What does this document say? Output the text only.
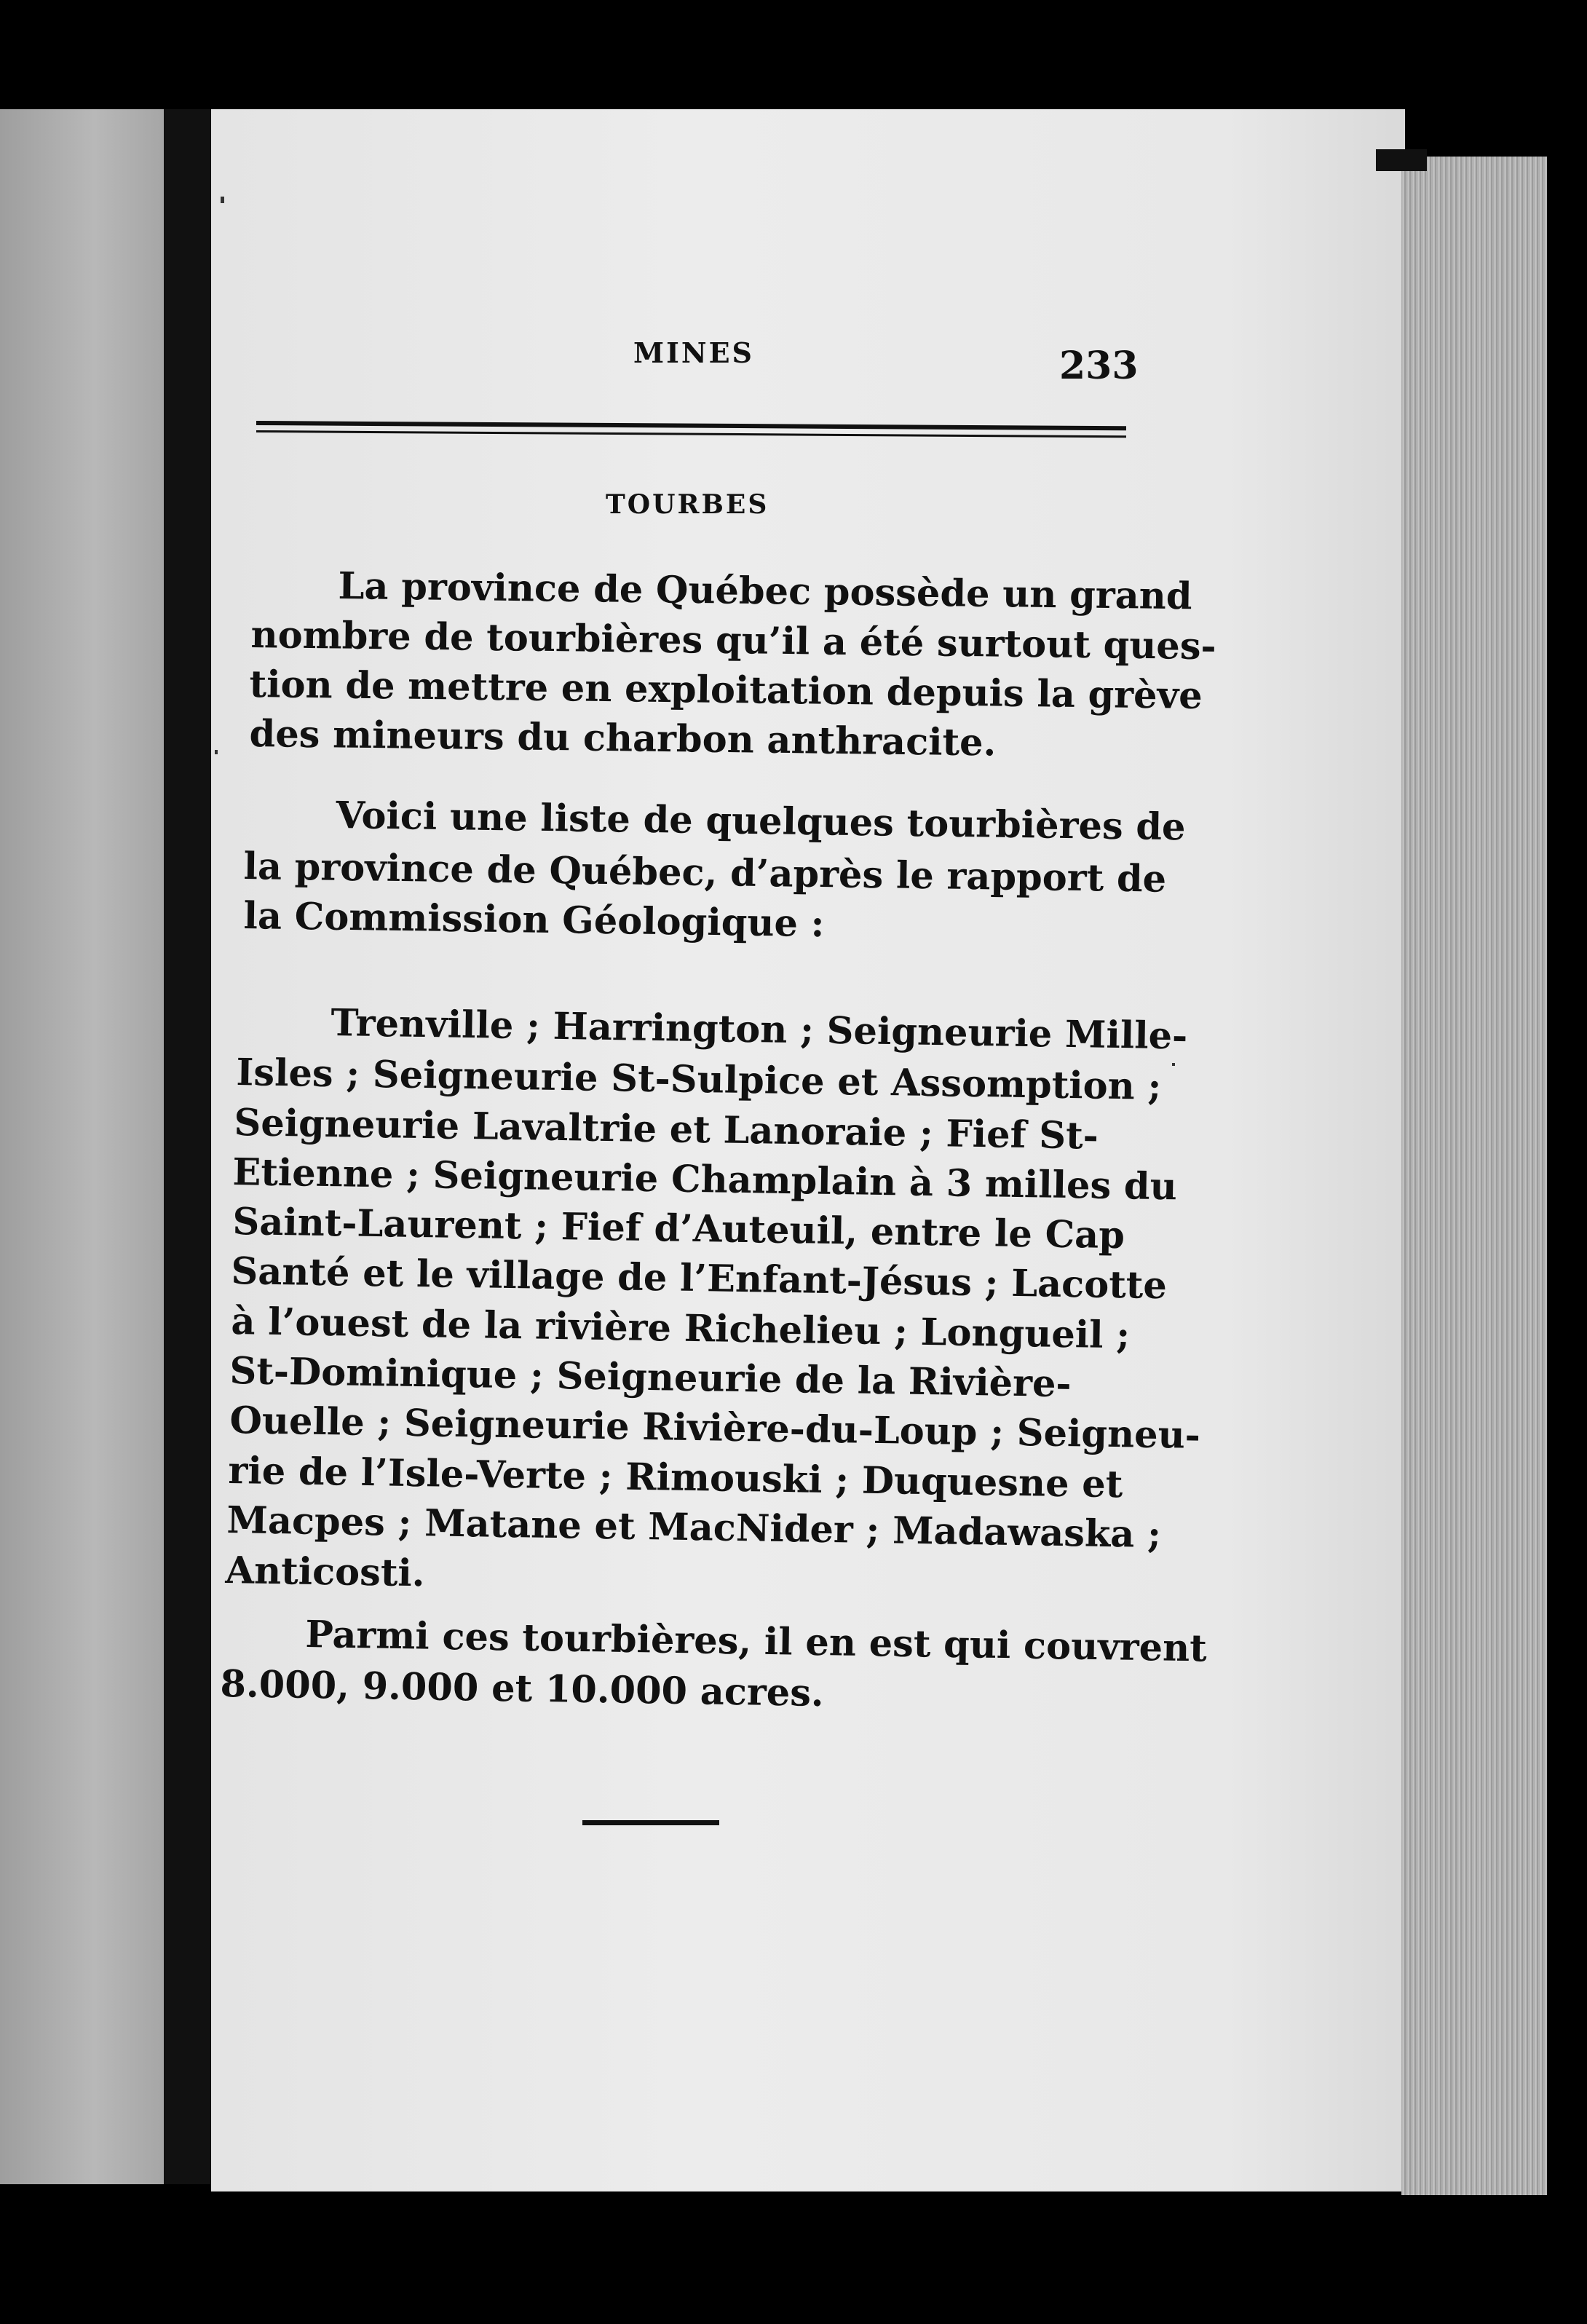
MINES	233
TOURBES
La province de Québec possède un grand
nombre de tourbières qu’il a été surtout ques-
tion de mettre en exploitation depuis la grève
des mineurs du charbon anthracite.
Voici une liste de quelques tourbières de
la province de Québec, d’après le rapport de
la Commission Géologique :
Trenville ; Harrington ; Seigneurie Mille-
Isles ; Seigneurie St-Sulpice et Assomption ;
Seigneurie Lavaltrie et Lanoraie ; Fief St-
Etienne ; Seigneurie Champlain à 3 milles du
Saint-Laurent ; Fief d’Auteuil, entre le Cap
Santé et le village de l’Enfant-Jésus ; Lacotte
à l’ouest de la rivière Richelieu ; Longueil ;
St-Dominique ; Seigneurie de la Rivière-
Ouelle ; Seigneurie Rivière-du-Loup ; Seigneu-
rie de l’Isle-Verte ; Rimouski ; Duquesne et
Macpes ; Matane et MacNider ; Madawaska ;
Anticosti.
Parmi ces tourbières, il en est qui couvrent
8.000, 9.000 et 10.000 acres.
